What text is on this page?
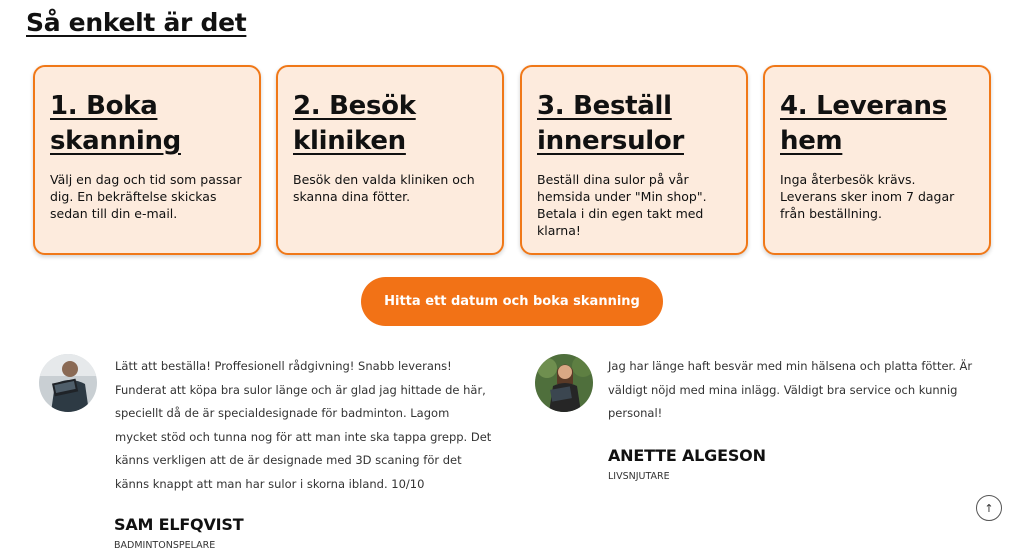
Så enkelt är det
1. Boka
skanning

Välj en dag och tid som passar dig. En bekräftelse skickas sedan till din e-mail.

2. Besök
kliniken

Besök den valda kliniken och skanna dina fötter.

3. Beställ
innersulor

Beställ dina sulor på vår hemsida under "Min shop". Betala i din egen takt med klarna!

4. Leverans
hem

Inga återbesök krävs. Leverans sker inom 7 dagar från beställning.

Hitta ett datum och boka skanning

Lätt att beställa! Proffesionell rådgivning! Snabb leverans! Funderat att köpa bra sulor länge och är glad jag hittade de här, speciellt då de är specialdesignade för badminton. Lagom mycket stöd och tunna nog för att man inte ska tappa grepp. Det känns verkligen att de är designade med 3D scaning för det känns knappt att man har sulor i skorna ibland. 10/10

SAM ELFQVIST
BADMINTONSPELARE

Jag har länge haft besvär med min hälsena och platta fötter. Är väldigt nöjd med mina inlägg. Väldigt bra service och kunnig personal!

ANETTE ALGESON
LIVSNJUTARE
↑
